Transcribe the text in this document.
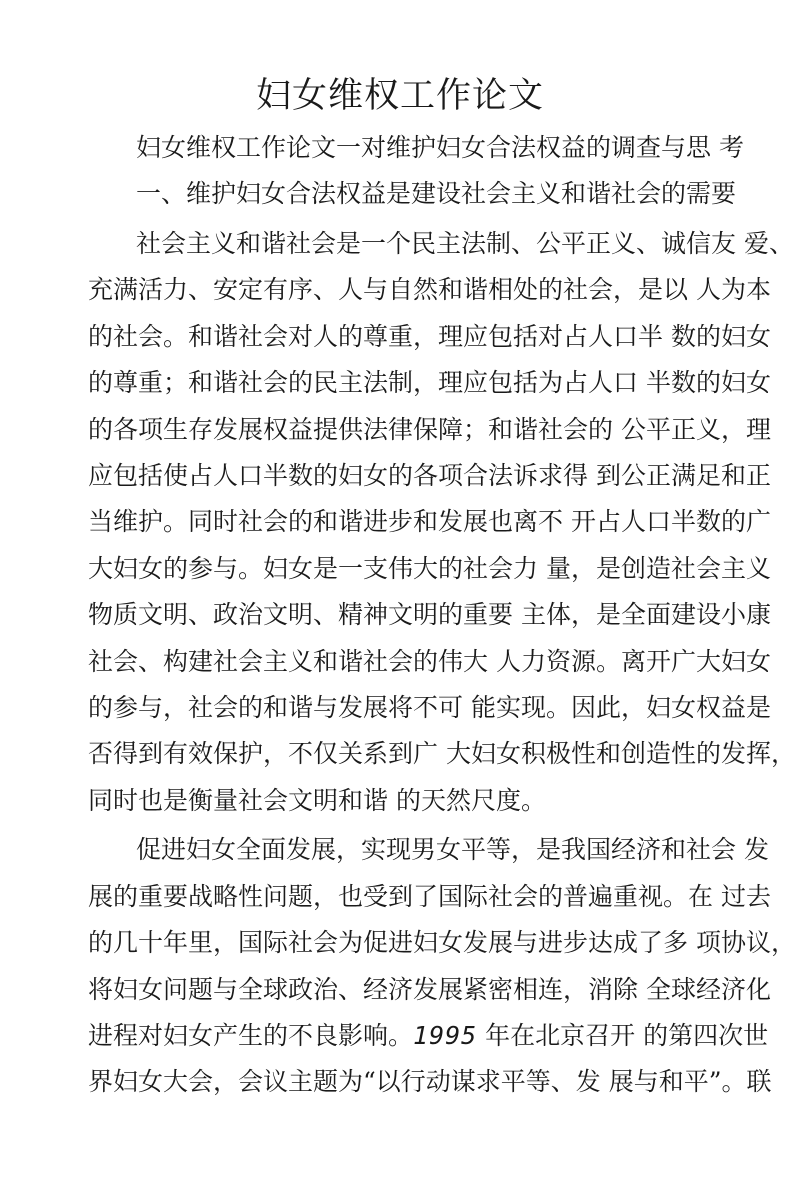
妇女维权工作论文
妇女维权工作论文一对维护妇女合法权益的调查与思 考
一、维护妇女合法权益是建设社会主义和谐社会的需要
社会主义和谐社会是一个民主法制、公平正义、诚信友 爱、
充满活力、安定有序、人与自然和谐相处的社会，是以 人为本
的社会。和谐社会对人的尊重，理应包括对占人口半 数的妇女
的尊重；和谐社会的民主法制，理应包括为占人口 半数的妇女
的各项生存发展权益提供法律保障；和谐社会的 公平正义，理
应包括使占人口半数的妇女的各项合法诉求得 到公正满足和正
当维护。同时社会的和谐进步和发展也离不 开占人口半数的广
大妇女的参与。妇女是一支伟大的社会力 量，是创造社会主义
物质文明、政治文明、精神文明的重要 主体，是全面建设小康
社会、构建社会主义和谐社会的伟大 人力资源。离开广大妇女
的参与，社会的和谐与发展将不可 能实现。因此，妇女权益是
否得到有效保护，不仅关系到广 大妇女积极性和创造性的发挥，
同时也是衡量社会文明和谐 的天然尺度。
促进妇女全面发展，实现男女平等，是我国经济和社会 发
展的重要战略性问题，也受到了国际社会的普遍重视。在 过去
的几十年里，国际社会为促进妇女发展与进步达成了多 项协议，
将妇女问题与全球政治、经济发展紧密相连，消除 全球经济化
进程对妇女产生的不良影响。1995 年在北京召开 的第四次世
界妇女大会，会议主题为“以行动谋求平等、发 展与和平”。联
